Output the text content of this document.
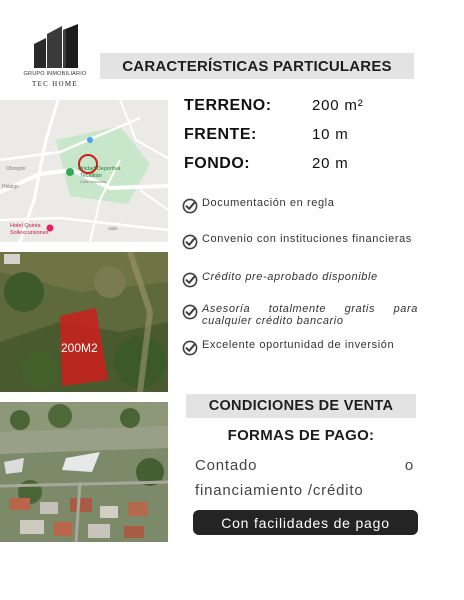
GRUPO INMOBILIARIO
TEC HOME
CARACTERÍSTICAS PARTICULARES
TERRENO:	200 m²
FRENTE:	10 m
FONDO:	20 m
Documentación en regla
Convenio con instituciones financieras
Crédito pre-aprobado disponible
Asesoría totalmente gratis para cualquier crédito bancario
Excelente oportunidad de inversión
Unidad Deportiva
Tecaltlán
Calle Maclovio
Hotel Quinta
Sollexcursiones
Obregón
Hidalgo
Valle
200M2
CONDICIONES DE VENTA
FORMAS DE PAGO:
Contado	o
financiamiento /crédito
Con facilidades de pago
